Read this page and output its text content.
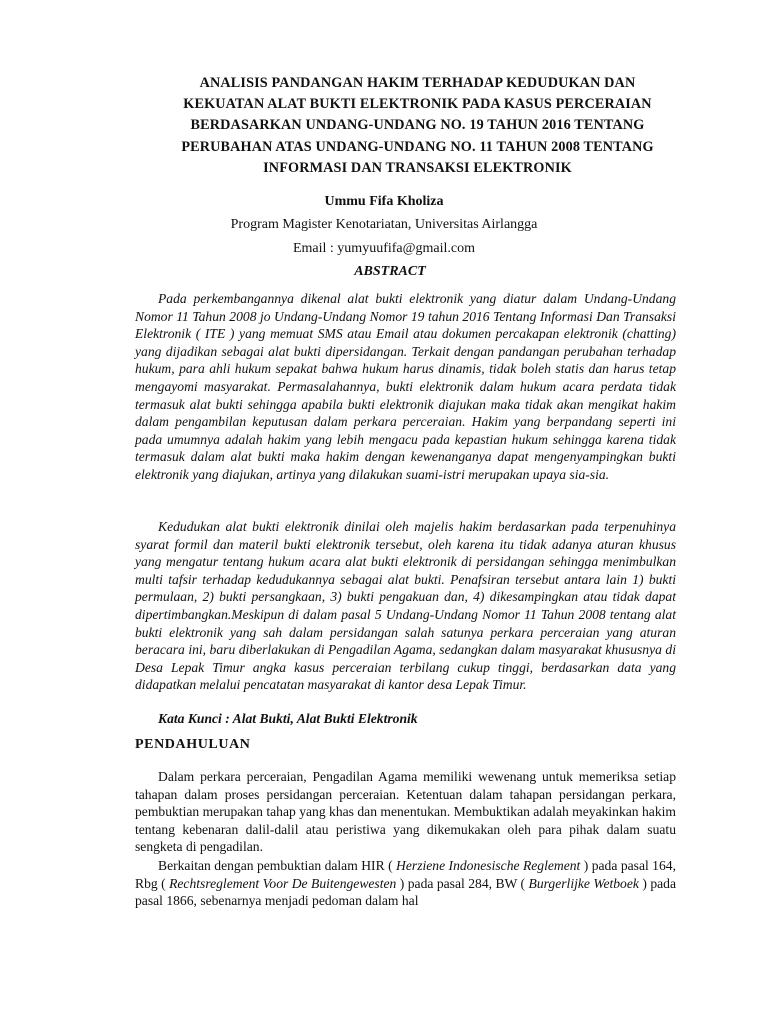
ANALISIS PANDANGAN HAKIM TERHADAP KEDUDUKAN DAN
KEKUATAN ALAT BUKTI ELEKTRONIK PADA KASUS PERCERAIAN
BERDASARKAN UNDANG-UNDANG NO. 19 TAHUN 2016 TENTANG
PERUBAHAN ATAS UNDANG-UNDANG NO. 11 TAHUN 2008 TENTANG
INFORMASI DAN TRANSAKSI ELEKTRONIK
Ummu Fifa Kholiza
Program Magister Kenotariatan, Universitas Airlangga
Email : yumyuufifa@gmail.com
ABSTRACT

Pada perkembangannya dikenal alat bukti elektronik yang diatur dalam Undang-Undang Nomor 11 Tahun 2008 jo Undang-Undang Nomor 19 tahun 2016 Tentang Informasi Dan Transaksi Elektronik ( ITE ) yang memuat SMS atau Email atau dokumen percakapan elektronik (chatting) yang dijadikan sebagai alat bukti dipersidangan. Terkait dengan pandangan perubahan terhadap hukum, para ahli hukum sepakat bahwa hukum harus dinamis, tidak boleh statis dan harus tetap mengayomi masyarakat. Permasalahannya, bukti elektronik dalam hukum acara perdata tidak termasuk alat bukti sehingga apabila bukti elektronik diajukan maka tidak akan mengikat hakim dalam pengambilan keputusan dalam perkara perceraian. Hakim yang berpandang seperti ini pada umumnya adalah hakim yang lebih mengacu pada kepastian hukum sehingga karena tidak termasuk dalam alat bukti maka hakim dengan kewenanganya dapat mengenyampingkan bukti elektronik yang diajukan, artinya yang dilakukan suami-istri merupakan upaya sia-sia.

Kedudukan alat bukti elektronik dinilai oleh majelis hakim berdasarkan pada terpenuhinya syarat formil dan materil bukti elektronik tersebut, oleh karena itu tidak adanya aturan khusus yang mengatur tentang hukum acara alat bukti elektronik di persidangan sehingga menimbulkan multi tafsir terhadap kedudukannya sebagai alat bukti. Penafsiran tersebut antara lain 1) bukti permulaan, 2) bukti persangkaan, 3) bukti pengakuan dan, 4) dikesampingkan atau tidak dapat dipertimbangkan.Meskipun di dalam pasal 5 Undang-Undang Nomor 11 Tahun 2008 tentang alat bukti elektronik yang sah dalam persidangan salah satunya perkara perceraian yang aturan beracara ini, baru diberlakukan di Pengadilan Agama, sedangkan dalam masyarakat khususnya di Desa Lepak Timur angka kasus perceraian terbilang cukup tinggi, berdasarkan data yang didapatkan melalui pencatatan masyarakat di kantor desa Lepak Timur.

Kata Kunci : Alat Bukti, Alat Bukti Elektronik
PENDAHULUAN

Dalam perkara perceraian, Pengadilan Agama memiliki wewenang untuk memeriksa setiap tahapan dalam proses persidangan perceraian. Ketentuan dalam tahapan persidangan perkara, pembuktian merupakan tahap yang khas dan menentukan. Membuktikan adalah meyakinkan hakim tentang kebenaran dalil-dalil atau peristiwa yang dikemukakan oleh para pihak dalam suatu sengketa di pengadilan.

Berkaitan dengan pembuktian dalam HIR ( Herziene Indonesische Reglement ) pada pasal 164, Rbg ( Rechtsreglement Voor De Buitengewesten ) pada pasal 284, BW ( Burgerlijke Wetboek ) pada pasal 1866, sebenarnya menjadi pedoman dalam hal
